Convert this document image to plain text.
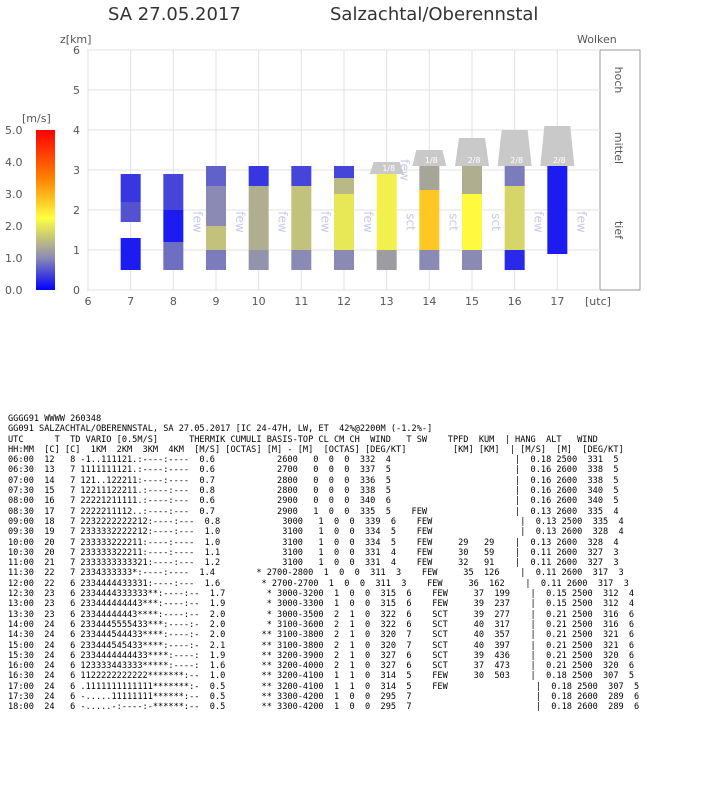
SA 27.05.2017	Salzachtal/Oberennstal
0
1
2
3
4
5
6
6	7	8	9	10	11	12	13	14	15	16	17
few few few few few sct sct sct few few
1/8
1/8	2/8	2/8	2/8
few
z[km]
[utc]
Wolken
hoch
mittel
tief
[m/s]
0.0
1.0
2.0
3.0
4.0
5.0
GGGG91 WWWW 260348
GG091 SALZACHTAL/OBERENNSTAL, SA 27.05.2017 [IC 24-47H, LW, ET  42%@2200M (-1.2%-]
UTC      T  TD VARIO [0.5M/S]      THERMIK CUMULI BASIS-TOP CL CM CH  WIND   T SW    TPFD  KUM  | HANG  ALT   WIND
HH:MM  [C] [C]  1KM  2KM  3KM  4KM  [M/S] [OCTAS] [M] - [M]  [OCTAS] [DEG/KT]         [KM] [KM]  | [M/S]  [M]  [DEG/KT]
06:00  12   8 -1..111121.:----:----  0.6            2600   0  0  0  332  4                        |  0.18 2500  331  5
06:30  13   7 1111111121.:----:----  0.6            2700   0  0  0  337  5                        |  0.16 2600  338  5
07:00  14   7 121..122211:----:----  0.7            2800   0  0  0  336  5                        |  0.16 2600  338  5
07:30  15   7 12211122211.:----:---  0.8            2800   0  0  0  338  5                        |  0.16 2600  340  5
08:00  16   7 22221211111.:----:---  0.6            2900   0  0  0  340  6                        |  0.16 2600  340  5
08:30  17   7 2222211112..:----:---  0.7            2900   1  0  0  335  5    FEW                 |  0.13 2600  335  4
09:00  18   7 2232222222212:----:---  0.8            3000   1  0  0  339  6    FEW                 |  0.13 2500  335  4
09:30  19   7 2333332222212:----:---  1.0            3100   1  0  0  334  5    FEW                 |  0.13 2600  328  4
10:00  20   7 233333222211:----:----  1.0            3100   1  0  0  334  5    FEW     29   29    |  0.13 2600  328  4
10:30  20   7 233333322211:----:----  1.1            3100   1  0  0  331  4    FEW     30   59    |  0.11 2600  327  3
11:00  21   7 2333333333321:----:---  1.2            3100   1  0  0  331  4    FEW     32   91    |  0.11 2600  327  3
11:30  22   7 2334333333*:----:----  1.4        * 2700-2800  1  0  0  311  3    FEW     35  126    |  0.11 2600  317  3
12:00  22   6 2334444433331:----:---  1.6        * 2700-2700  1  0  0  311  3    FEW     36  162    |  0.11 2600  317  3
12:30  23   6 2334444333333**:----:--  1.7        * 3000-3200  1  0  0  315  6    FEW     37  199    |  0.15 2500  312  4
13:00  23   6 233444444443***:----:--  1.9        * 3000-3300  1  0  0  315  6    FEW     39  237    |  0.15 2500  312  4
13:30  23   6 23344444443****:----:--  2.0        * 3000-3500  2  1  0  322  6    SCT     39  277    |  0.21 2500  316  6
14:00  24   6 2334445555433***:----:-  2.0        * 3100-3600  2  1  0  322  6    SCT     40  317    |  0.21 2500  316  6
14:30  24   6 233444544433****:----:-  2.0       ** 3100-3800  2  1  0  320  7    SCT     40  357    |  0.21 2500  321  6
15:00  24   6 233444545433****:----:-  2.1       ** 3100-3800  2  1  0  320  7    SCT     40  397    |  0.21 2500  321  6
15:30  24   6 2334444444433****:----:  1.9       ** 3200-3900  2  1  0  327  6    SCT     39  436    |  0.21 2500  320  6
16:00  24   6 123333443333*****:----:  1.6       ** 3200-4000  2  1  0  327  6    SCT     37  473    |  0.21 2500  320  6
16:30  24   6 1122222222222*******:--  1.0       ** 3200-4100  1  1  0  314  5    FEW     30  503    |  0.18 2500  307  5
17:00  24   6 .1111111111111*******:-  0.5       ** 3200-4100  1  1  0  314  5    FEW                 |  0.18 2500  307  5
17:30  24   6 -.....11111111******:--  0.5       ** 3300-4200  1  0  0  295  7                        |  0.18 2600  289  6
18:00  24   6 -.....-:----:-******:--  0.5       ** 3300-4200  1  0  0  295  7                        |  0.18 2600  289  6
